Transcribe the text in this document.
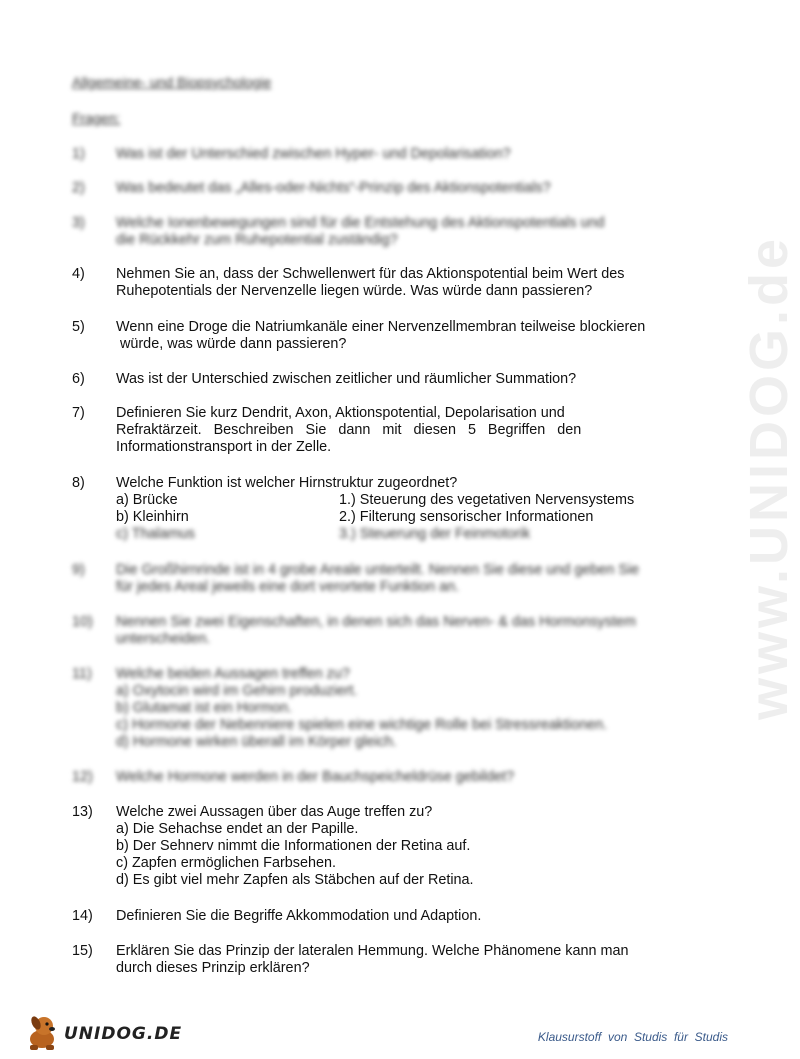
www.UNIDOG.de
Allgemeine- und Biopsychologie
Fragen:
1)	Was ist der Unterschied zwischen Hyper- und Depolarisation?
2)	Was bedeutet das „Alles-oder-Nichts“-Prinzip des Aktionspotentials?
3)	Welche Ionenbewegungen sind für die Entstehung des Aktionspotentials und
die Rückkehr zum Ruhepotential zuständig?
4)	Nehmen Sie an, dass der Schwellenwert für das Aktionspotential beim Wert des
Ruhepotentials der Nervenzelle liegen würde. Was würde dann passieren?
5)	Wenn eine Droge die Natriumkanäle einer Nervenzellmembran teilweise blockieren
würde, was würde dann passieren?
6)	Was ist der Unterschied zwischen zeitlicher und räumlicher Summation?
7)	Definieren Sie kurz Dendrit, Axon, Aktionspotential, Depolarisation und
Refraktärzeit.   Beschreiben   Sie   dann   mit   diesen   5   Begriffen   den
Informationstransport in der Zelle.
8)	Welche Funktion ist welcher Hirnstruktur zugeordnet?
a) Brücke	1.) Steuerung des vegetativen Nervensystems
b) Kleinhirn	2.) Filterung sensorischer Informationen
c) Thalamus	3.) Steuerung der Feinmotorik
9)	Die Großhirnrinde ist in 4 grobe Areale unterteilt. Nennen Sie diese und geben Sie
für jedes Areal jeweils eine dort verortete Funktion an.
10)	Nennen Sie zwei Eigenschaften, in denen sich das Nerven- & das Hormonsystem
unterscheiden.
11)	Welche beiden Aussagen treffen zu?
a) Oxytocin wird im Gehirn produziert.
b) Glutamat ist ein Hormon.
c) Hormone der Nebenniere spielen eine wichtige Rolle bei Stressreaktionen.
d) Hormone wirken überall im Körper gleich.
12)	Welche Hormone werden in der Bauchspeicheldrüse gebildet?
13)	Welche zwei Aussagen über das Auge treffen zu?
a) Die Sehachse endet an der Papille.
b) Der Sehnerv nimmt die Informationen der Retina auf.
c) Zapfen ermöglichen Farbsehen.
d) Es gibt viel mehr Zapfen als Stäbchen auf der Retina.
14)	Definieren Sie die Begriffe Akkommodation und Adaption.
15)	Erklären Sie das Prinzip der lateralen Hemmung. Welche Phänomene kann man
durch dieses Prinzip erklären?
UNIDOG.DE	Klausurstoff  von  Studis  für  Studis
